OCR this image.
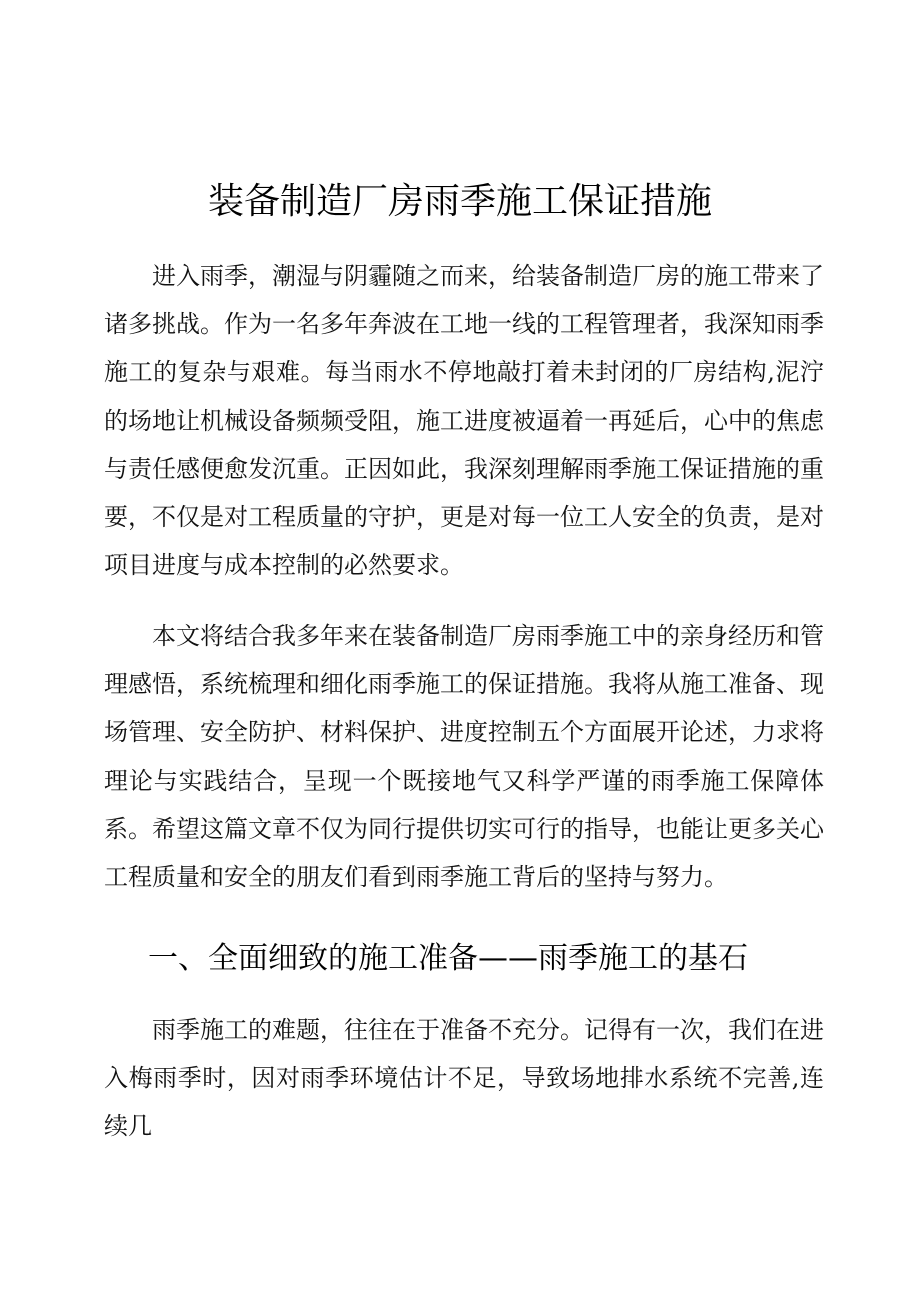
装备制造厂房雨季施工保证措施

进入雨季，潮湿与阴霾随之而来，给装备制造厂房的施工带来了诸多挑战。作为一名多年奔波在工地一线的工程管理者，我深知雨季施工的复杂与艰难。每当雨水不停地敲打着未封闭的厂房结构,泥泞的场地让机械设备频频受阻，施工进度被逼着一再延后，心中的焦虑与责任感便愈发沉重。正因如此，我深刻理解雨季施工保证措施的重要，不仅是对工程质量的守护，更是对每一位工人安全的负责，是对项目进度与成本控制的必然要求。

本文将结合我多年来在装备制造厂房雨季施工中的亲身经历和管理感悟，系统梳理和细化雨季施工的保证措施。我将从施工准备、现场管理、安全防护、材料保护、进度控制五个方面展开论述，力求将理论与实践结合，呈现一个既接地气又科学严谨的雨季施工保障体系。希望这篇文章不仅为同行提供切实可行的指导，也能让更多关心工程质量和安全的朋友们看到雨季施工背后的坚持与努力。

一、全面细致的施工准备——雨季施工的基石

雨季施工的难题，往往在于准备不充分。记得有一次，我们在进入梅雨季时，因对雨季环境估计不足，导致场地排水系统不完善,连续几
